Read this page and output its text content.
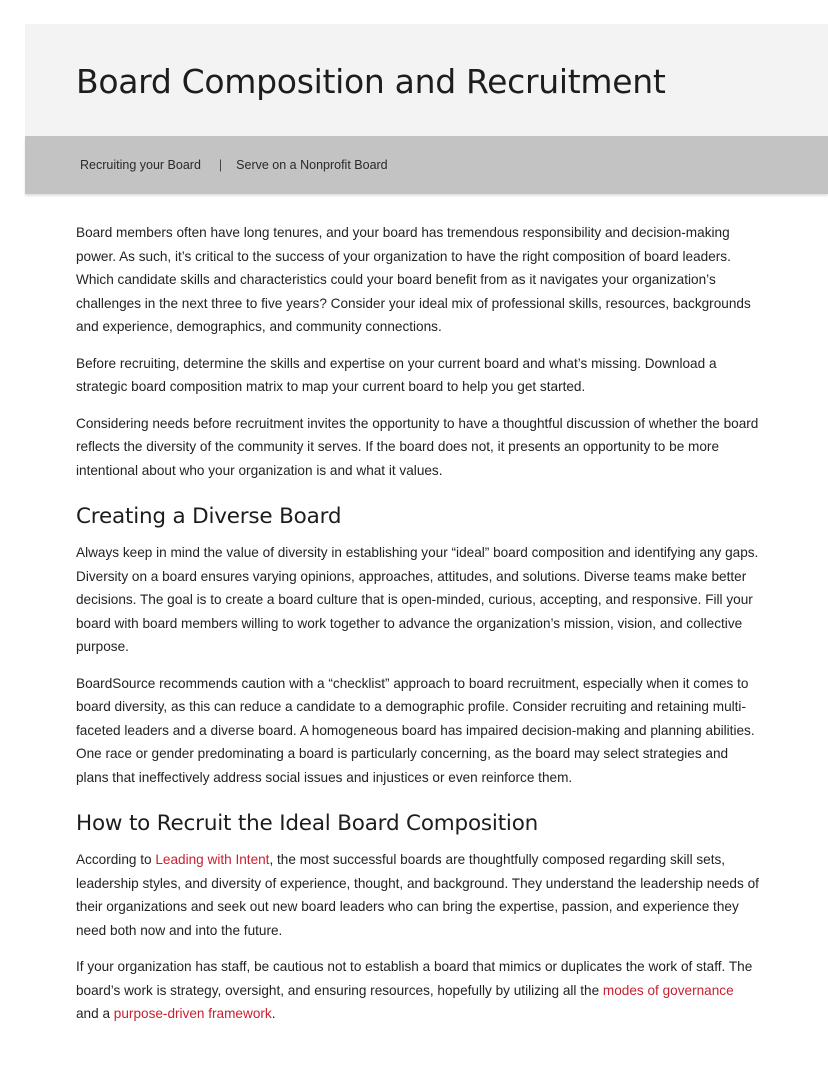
Board Composition and Recruitment
Recruiting your Board | Serve on a Nonprofit Board

Board members often have long tenures, and your board has tremendous responsibility and decision-making power. As such, it’s critical to the success of your organization to have the right composition of board leaders. Which candidate skills and characteristics could your board benefit from as it navigates your organization’s challenges in the next three to five years? Consider your ideal mix of professional skills, resources, backgrounds and experience, demographics, and community connections.

Before recruiting, determine the skills and expertise on your current board and what’s missing. Download a strategic board composition matrix to map your current board to help you get started.

Considering needs before recruitment invites the opportunity to have a thoughtful discussion of whether the board reflects the diversity of the community it serves. If the board does not, it presents an opportunity to be more intentional about who your organization is and what it values.

Creating a Diverse Board

Always keep in mind the value of diversity in establishing your “ideal” board composition and identifying any gaps. Diversity on a board ensures varying opinions, approaches, attitudes, and solutions. Diverse teams make better decisions. The goal is to create a board culture that is open-minded, curious, accepting, and responsive. Fill your board with board members willing to work together to advance the organization’s mission, vision, and collective purpose.

BoardSource recommends caution with a “checklist” approach to board recruitment, especially when it comes to board diversity, as this can reduce a candidate to a demographic profile. Consider recruiting and retaining multi-faceted leaders and a diverse board. A homogeneous board has impaired decision-making and planning abilities. One race or gender predominating a board is particularly concerning, as the board may select strategies and plans that ineffectively address social issues and injustices or even reinforce them.

How to Recruit the Ideal Board Composition

According to Leading with Intent, the most successful boards are thoughtfully composed regarding skill sets, leadership styles, and diversity of experience, thought, and background. They understand the leadership needs of their organizations and seek out new board leaders who can bring the expertise, passion, and experience they need both now and into the future.

If your organization has staff, be cautious not to establish a board that mimics or duplicates the work of staff. The board’s work is strategy, oversight, and ensuring resources, hopefully by utilizing all the modes of governance and a purpose-driven framework.
